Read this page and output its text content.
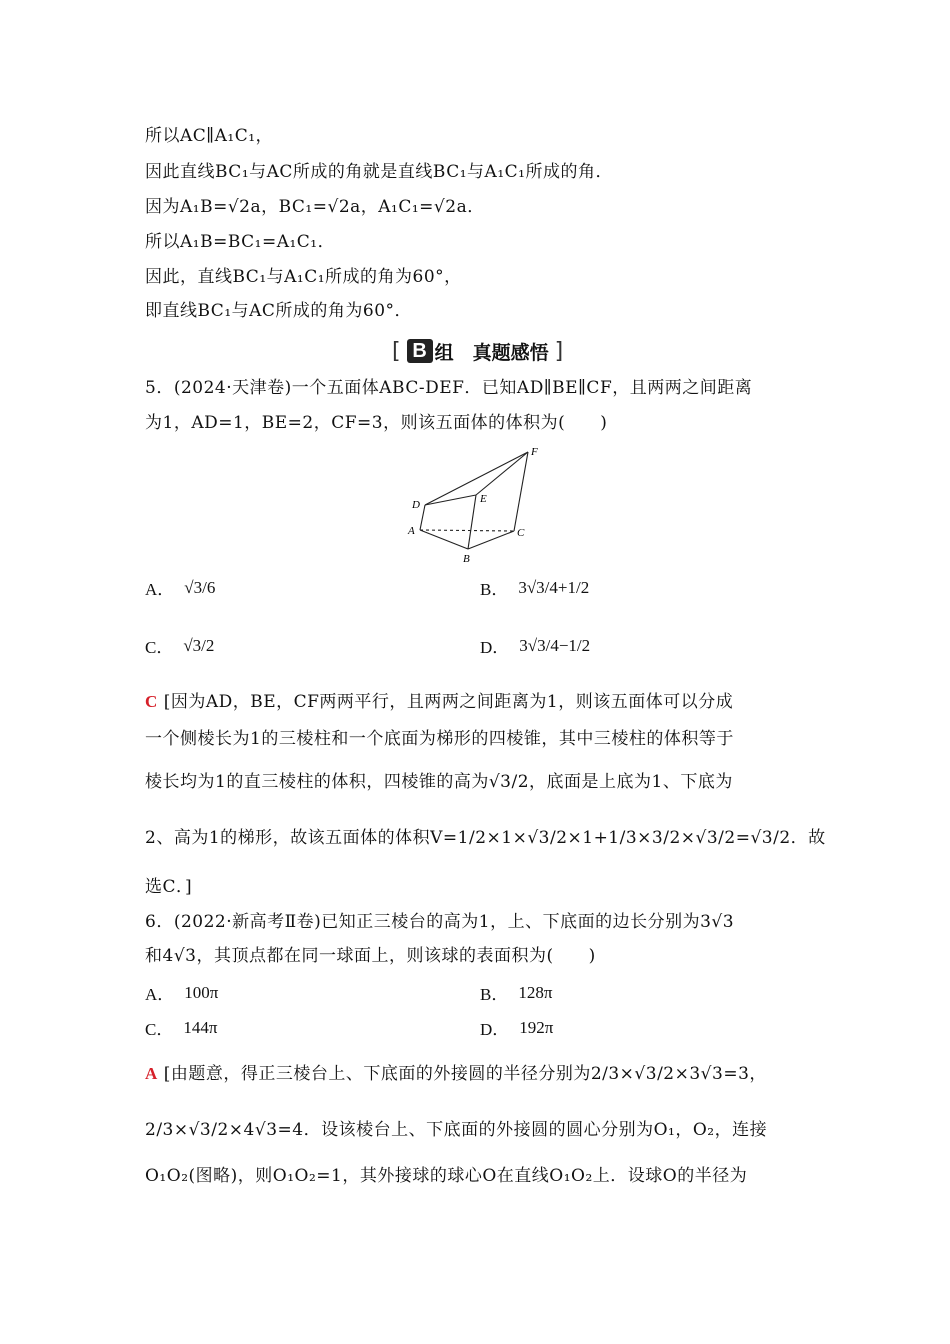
所以AC∥A₁C₁，
因此直线BC₁与AC所成的角就是直线BC₁与A₁C₁所成的角．
因为A₁B=√2a，BC₁=√2a，A₁C₁=√2a．
所以A₁B=BC₁=A₁C₁．
因此，直线BC₁与A₁C₁所成的角为60°，
即直线BC₁与AC所成的角为60°．
[ B 组　真题感悟 ]
5．(2024·天津卷)一个五面体ABC-DEF．已知AD∥BE∥CF，且两两之间距离
为1，AD=1，BE=2，CF=3，则该五面体的体积为(　　)
F
E
D
A	C
B
A． √3/6	B． 3√3/4+1/2
C． √3/2	D． 3√3/4−1/2
C [因为AD，BE，CF两两平行，且两两之间距离为1，则该五面体可以分成
一个侧棱长为1的三棱柱和一个底面为梯形的四棱锥，其中三棱柱的体积等于
棱长均为1的直三棱柱的体积，四棱锥的高为√3/2，底面是上底为1、下底为
2、高为1的梯形，故该五面体的体积V=1/2×1×√3/2×1+1/3×3/2×√3/2=√3/2．故
选C．]
6．(2022·新高考Ⅱ卷)已知正三棱台的高为1，上、下底面的边长分别为3√3
和4√3，其顶点都在同一球面上，则该球的表面积为(　　)
A． 100π	B． 128π
C． 144π	D． 192π
A [由题意，得正三棱台上、下底面的外接圆的半径分别为2/3×√3/2×3√3=3，
2/3×√3/2×4√3=4．设该棱台上、下底面的外接圆的圆心分别为O₁，O₂，连接
O₁O₂(图略)，则O₁O₂=1，其外接球的球心O在直线O₁O₂上．设球O的半径为
